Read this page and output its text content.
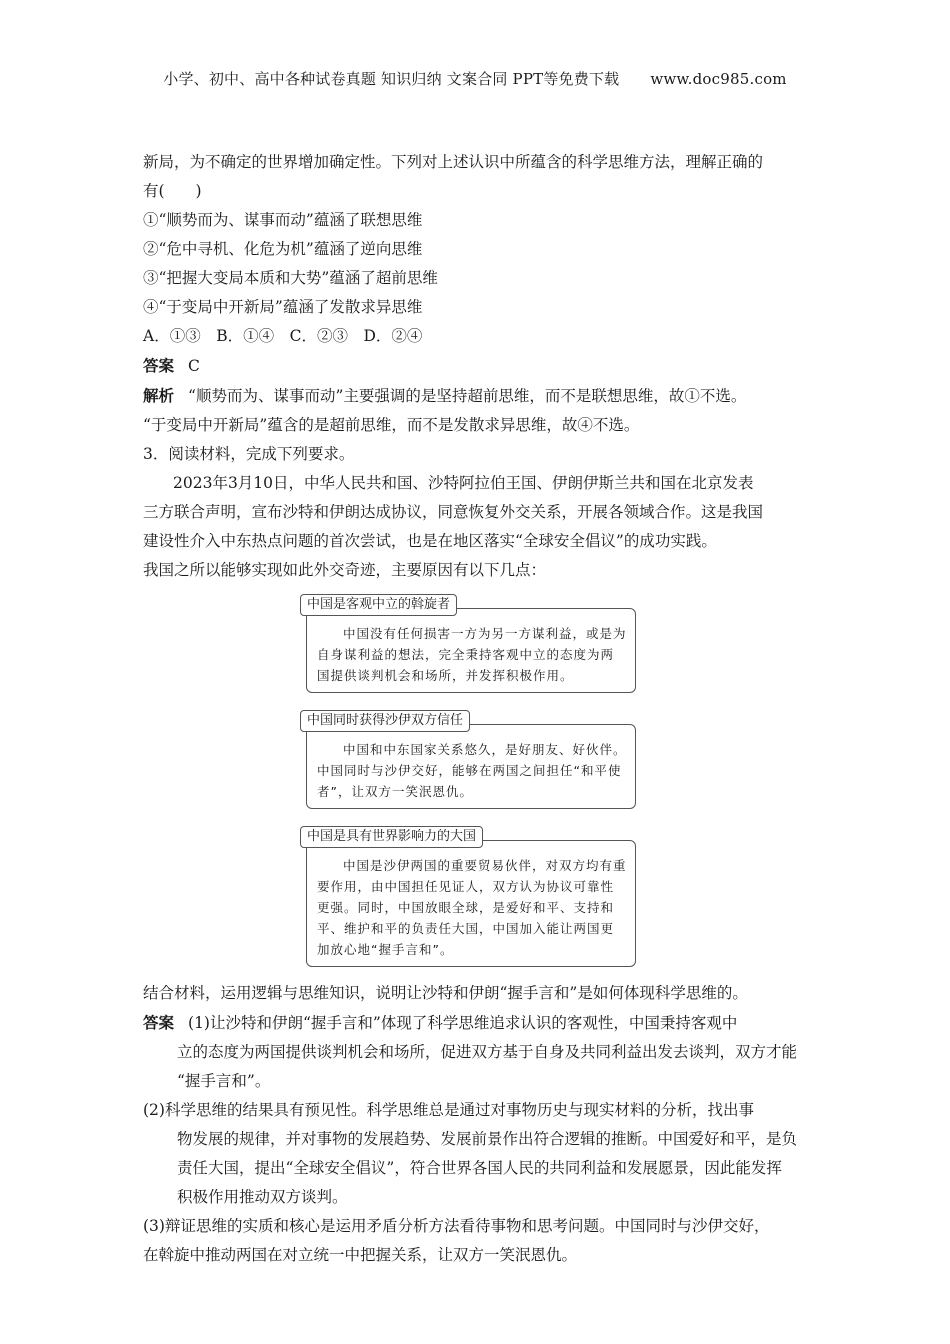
小学、初中、高中各种试卷真题 知识归纳 文案合同 PPT等免费下载 www.doc985.com
新局，为不确定的世界增加确定性。下列对上述认识中所蕴含的科学思维方法，理解正确的
有(　　)
①“顺势而为、谋事而动”蕴涵了联想思维
②“危中寻机、化危为机”蕴涵了逆向思维
③“把握大变局本质和大势”蕴涵了超前思维
④“于变局中开新局”蕴涵了发散求异思维
A．①③　B．①④　C．②③　D．②④
答案 C
解析 “顺势而为、谋事而动”主要强调的是坚持超前思维，而不是联想思维，故①不选。
“于变局中开新局”蕴含的是超前思维，而不是发散求异思维，故④不选。
3．阅读材料，完成下列要求。
2023年3月10日，中华人民共和国、沙特阿拉伯王国、伊朗伊斯兰共和国在北京发表
三方联合声明，宣布沙特和伊朗达成协议，同意恢复外交关系，开展各领域合作。这是我国
建设性介入中东热点问题的首次尝试，也是在地区落实“全球安全倡议”的成功实践。
我国之所以能够实现如此外交奇迹，主要原因有以下几点：
中国是客观中立的斡旋者
中国没有任何损害一方为另一方谋利益，或是为自身谋利益的想法，完全秉持客观中立的态度为两国提供谈判机会和场所，并发挥积极作用。
中国同时获得沙伊双方信任
中国和中东国家关系悠久，是好朋友、好伙伴。中国同时与沙伊交好，能够在两国之间担任“和平使者”，让双方一笑泯恩仇。
中国是具有世界影响力的大国
中国是沙伊两国的重要贸易伙伴，对双方均有重要作用，由中国担任见证人，双方认为协议可靠性更强。同时，中国放眼全球，是爱好和平、支持和平、维护和平的负责任大国，中国加入能让两国更加放心地“握手言和”。
结合材料，运用逻辑与思维知识，说明让沙特和伊朗“握手言和”是如何体现科学思维的。
答案 (1)让沙特和伊朗“握手言和”体现了科学思维追求认识的客观性，中国秉持客观中
立的态度为两国提供谈判机会和场所，促进双方基于自身及共同利益出发去谈判，双方才能
“握手言和”。
(2)科学思维的结果具有预见性。科学思维总是通过对事物历史与现实材料的分析，找出事
物发展的规律，并对事物的发展趋势、发展前景作出符合逻辑的推断。中国爱好和平，是负
责任大国，提出“全球安全倡议”，符合世界各国人民的共同利益和发展愿景，因此能发挥
积极作用推动双方谈判。
(3)辩证思维的实质和核心是运用矛盾分析方法看待事物和思考问题。中国同时与沙伊交好，
在斡旋中推动两国在对立统一中把握关系，让双方一笑泯恩仇。
